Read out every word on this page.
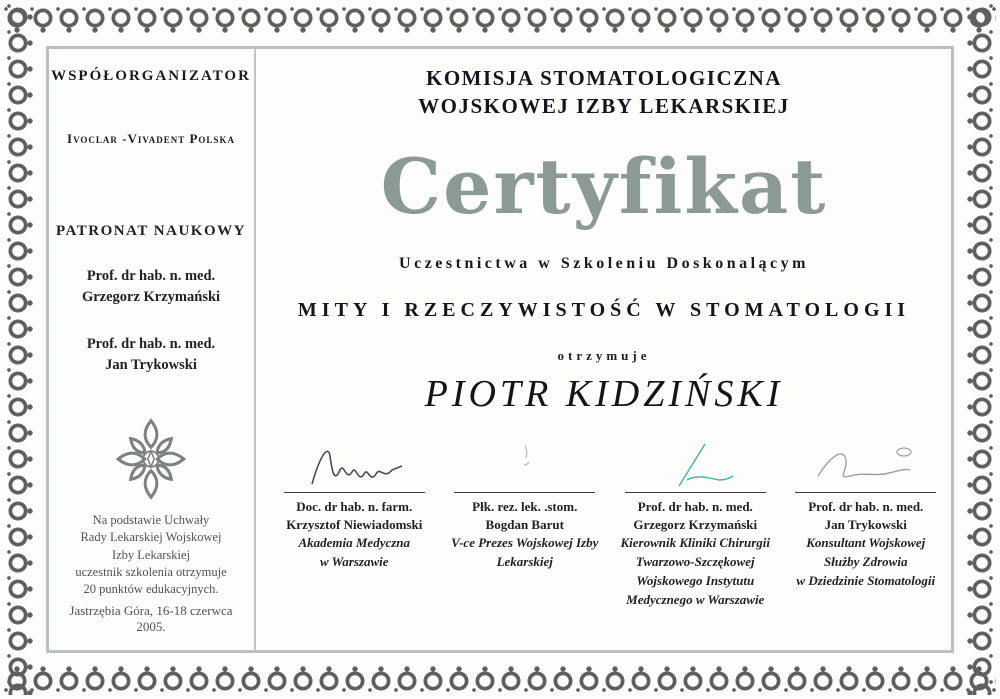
WSPÓŁORGANIZATOR
Ivoclar -Vivadent Polska
PATRONAT NAUKOWY
Prof. dr hab. n. med.
Grzegorz Krzymański
Prof. dr hab. n. med.
Jan Trykowski
Na podstawie Uchwały
Rady Lekarskiej Wojskowej
Izby Lekarskiej
uczestnik szkolenia otrzymuje
20 punktów edukacyjnych.
Jastrzębia Góra, 16-18 czerwca 2005.
KOMISJA STOMATOLOGICZNA
WOJSKOWEJ IZBY LEKARSKIEJ
Certyfikat
Uczestnictwa w Szkoleniu Doskonalącym
MITY I RZECZYWISTOŚĆ W STOMATOLOGII
otrzymuje
PIOTR KIDZIŃSKI
Doc. dr hab. n. farm.
Krzysztof Niewiadomski
Akademia Medyczna
w Warszawie
Płk. rez. lek. .stom.
Bogdan Barut
V-ce Prezes Wojskowej Izby
Lekarskiej
Prof. dr hab. n. med.
Grzegorz Krzymański
Kierownik Kliniki Chirurgii
Twarzowo-Szczękowej
Wojskowego Instytutu
Medycznego w Warszawie
Prof. dr hab. n. med.
Jan Trykowski
Konsultant Wojskowej
Służby Zdrowia
w Dziedzinie Stomatologii
